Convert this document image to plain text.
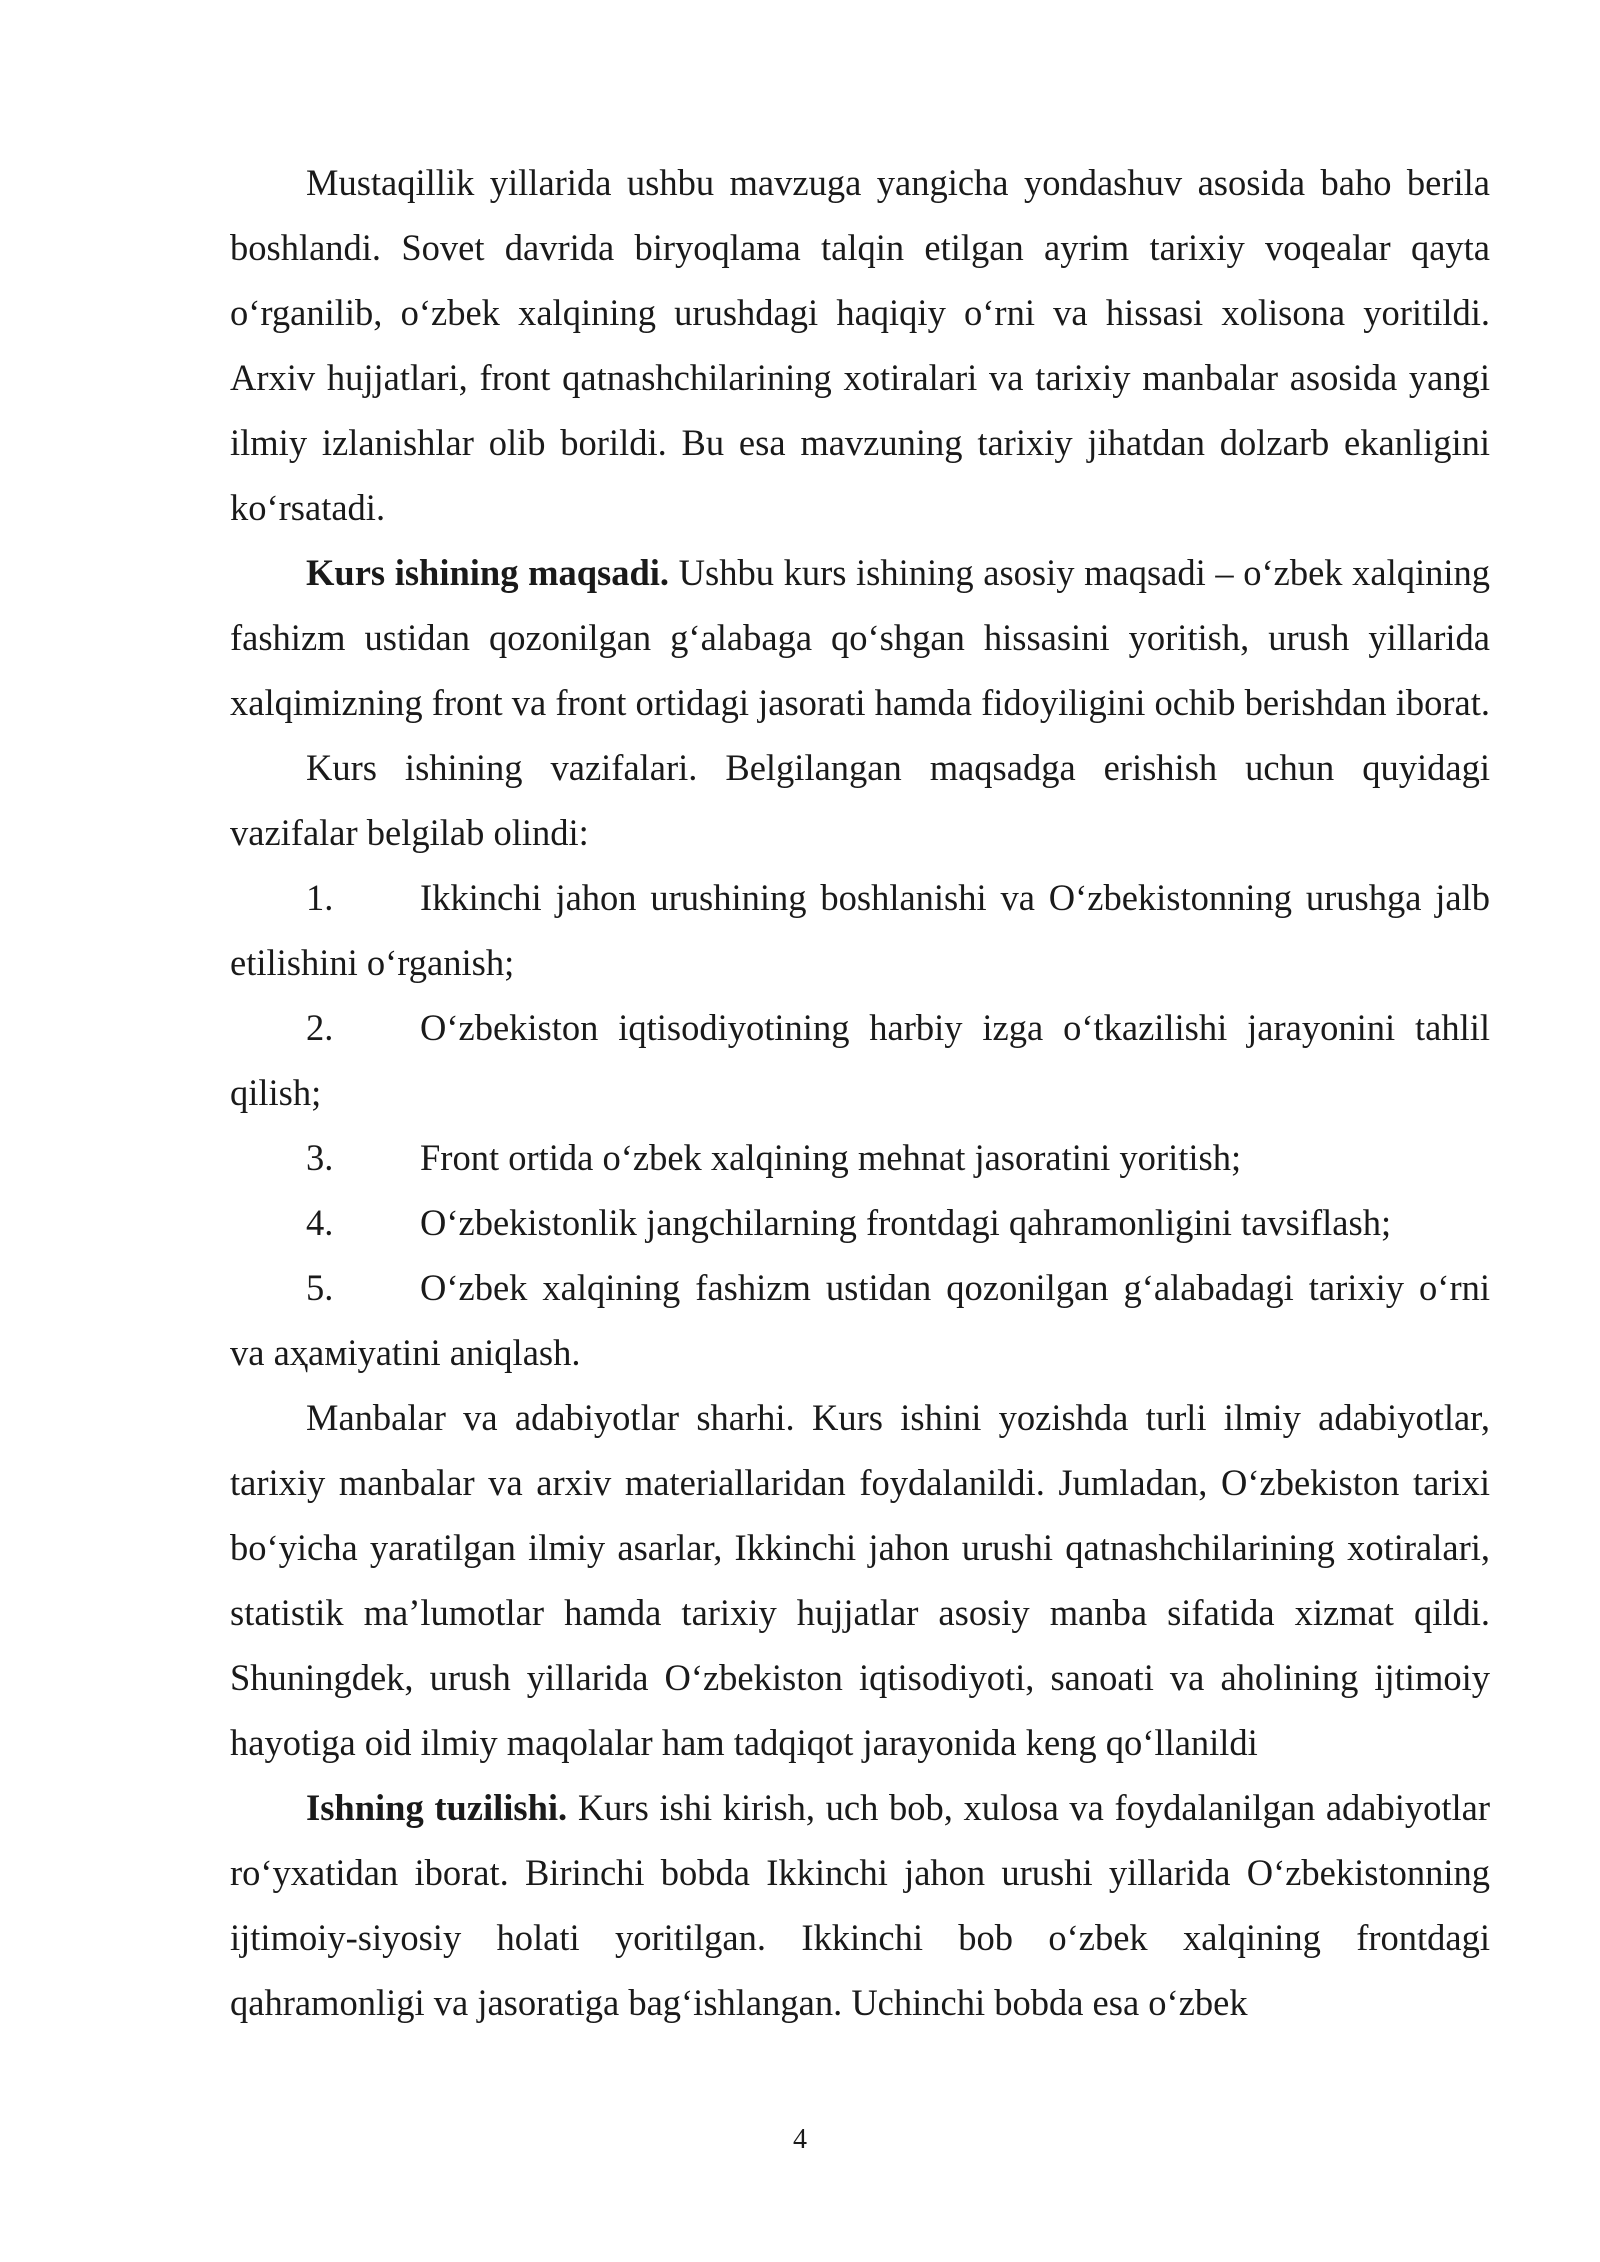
Mustaqillik yillarida ushbu mavzuga yangicha yondashuv asosida baho berila boshlandi. Sovet davrida biryoqlama talqin etilgan ayrim tarixiy voqealar qayta o‘rganilib, o‘zbek xalqining urushdagi haqiqiy o‘rni va hissasi xolisona yoritildi. Arxiv hujjatlari, front qatnashchilarining xotiralari va tarixiy manbalar asosida yangi ilmiy izlanishlar olib borildi. Bu esa mavzuning tarixiy jihatdan dolzarb ekanligini ko‘rsatadi.

Kurs ishining maqsadi. Ushbu kurs ishining asosiy maqsadi – o‘zbek xalqining fashizm ustidan qozonilgan g‘alabaga qo‘shgan hissasini yoritish, urush yillarida xalqimizning front va front ortidagi jasorati hamda fidoyiligini ochib berishdan iborat.

Kurs ishining vazifalari. Belgilangan maqsadga erishish uchun quyidagi vazifalar belgilab olindi:

1. Ikkinchi jahon urushining boshlanishi va O‘zbekistonning urushga jalb etilishini o‘rganish;

2. O‘zbekiston iqtisodiyotining harbiy izga o‘tkazilishi jarayonini tahlil qilish;

3. Front ortida o‘zbek xalqining mehnat jasoratini yoritish;

4. O‘zbekistonlik jangchilarning frontdagi qahramonligini tavsiflash;

5. O‘zbek xalqining fashizm ustidan qozonilgan g‘alabadagi tarixiy o‘rni va aҳамiyatini aniqlash.

Manbalar va adabiyotlar sharhi. Kurs ishini yozishda turli ilmiy adabiyotlar, tarixiy manbalar va arxiv materiallaridan foydalanildi. Jumladan, O‘zbekiston tarixi bo‘yicha yaratilgan ilmiy asarlar, Ikkinchi jahon urushi qatnashchilarining xotiralari, statistik ma’lumotlar hamda tarixiy hujjatlar asosiy manba sifatida xizmat qildi. Shuningdek, urush yillarida O‘zbekiston iqtisodiyoti, sanoati va aholining ijtimoiy hayotiga oid ilmiy maqolalar ham tadqiqot jarayonida keng qo‘llanildi

Ishning tuzilishi. Kurs ishi kirish, uch bob, xulosa va foydalanilgan adabiyotlar ro‘yxatidan iborat. Birinchi bobda Ikkinchi jahon urushi yillarida O‘zbekistonning ijtimoiy-siyosiy holati yoritilgan. Ikkinchi bob o‘zbek xalqining frontdagi qahramonligi va jasoratiga bag‘ishlangan. Uchinchi bobda esa o‘zbek

4
